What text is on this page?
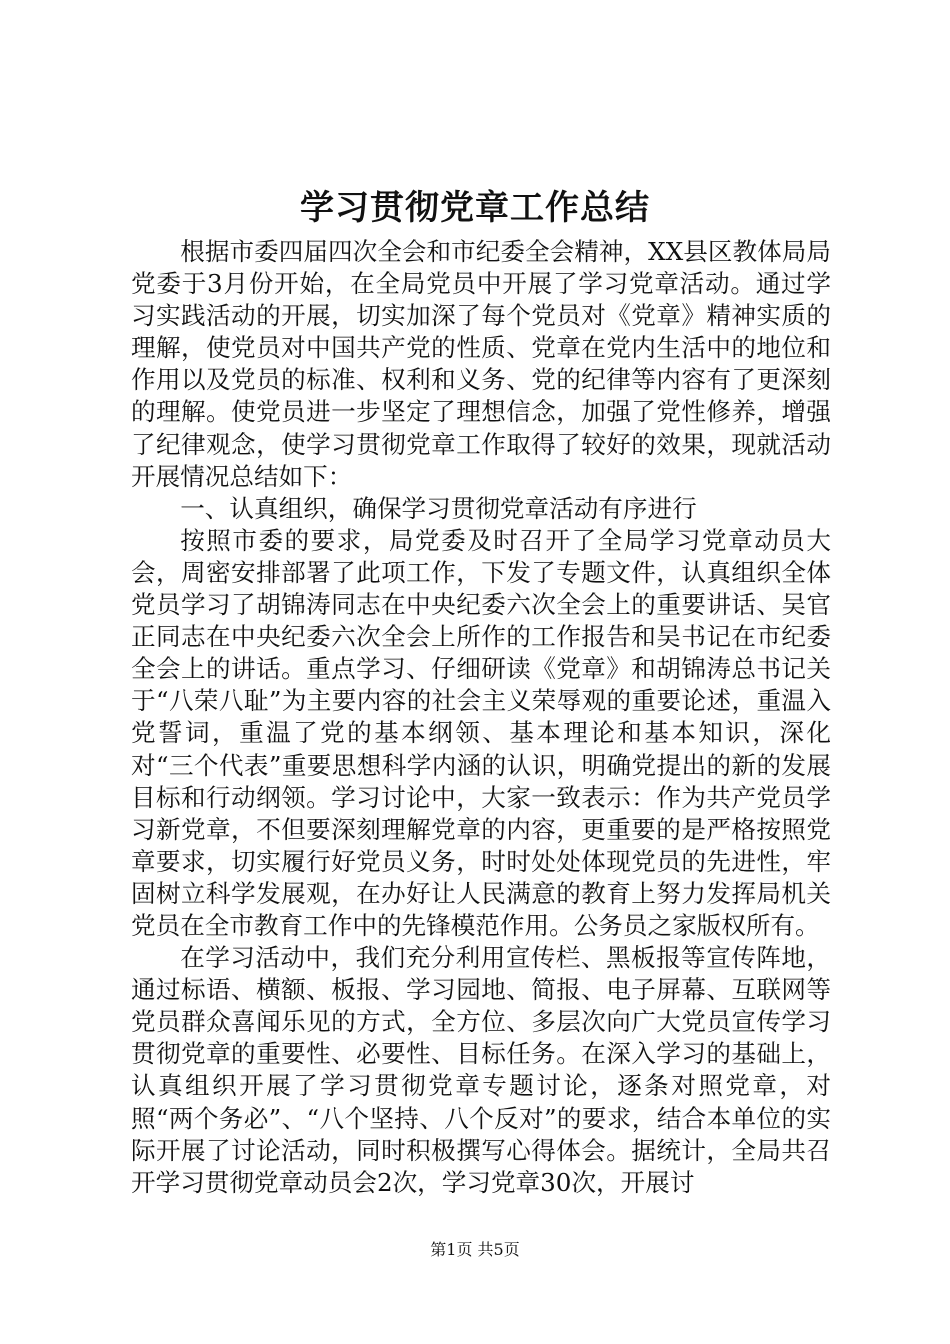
学习贯彻党章工作总结

根据市委四届四次全会和市纪委全会精神，XX县区教体局局党委于3月份开始，在全局党员中开展了学习党章活动。通过学习实践活动的开展，切实加深了每个党员对《党章》精神实质的理解，使党员对中国共产党的性质、党章在党内生活中的地位和作用以及党员的标准、权利和义务、党的纪律等内容有了更深刻的理解。使党员进一步坚定了理想信念，加强了党性修养，增强了纪律观念，使学习贯彻党章工作取得了较好的效果，现就活动开展情况总结如下：

一、认真组织，确保学习贯彻党章活动有序进行

按照市委的要求，局党委及时召开了全局学习党章动员大会，周密安排部署了此项工作，下发了专题文件，认真组织全体党员学习了胡锦涛同志在中央纪委六次全会上的重要讲话、吴官正同志在中央纪委六次全会上所作的工作报告和吴书记在市纪委全会上的讲话。重点学习、仔细研读《党章》和胡锦涛总书记关于“八荣八耻”为主要内容的社会主义荣辱观的重要论述，重温入党誓词，重温了党的基本纲领、基本理论和基本知识，深化对“三个代表”重要思想科学内涵的认识，明确党提出的新的发展目标和行动纲领。学习讨论中，大家一致表示：作为共产党员学习新党章，不但要深刻理解党章的内容，更重要的是严格按照党章要求，切实履行好党员义务，时时处处体现党员的先进性，牢固树立科学发展观，在办好让人民满意的教育上努力发挥局机关党员在全市教育工作中的先锋模范作用。公务员之家版权所有。

在学习活动中，我们充分利用宣传栏、黑板报等宣传阵地，通过标语、横额、板报、学习园地、简报、电子屏幕、互联网等党员群众喜闻乐见的方式，全方位、多层次向广大党员宣传学习贯彻党章的重要性、必要性、目标任务。在深入学习的基础上，认真组织开展了学习贯彻党章专题讨论，逐条对照党章，对照“两个务必”、“八个坚持、八个反对”的要求，结合本单位的实际开展了讨论活动，同时积极撰写心得体会。据统计，全局共召开学习贯彻党章动员会2次，学习党章30次，开展讨

第1页 共5页
